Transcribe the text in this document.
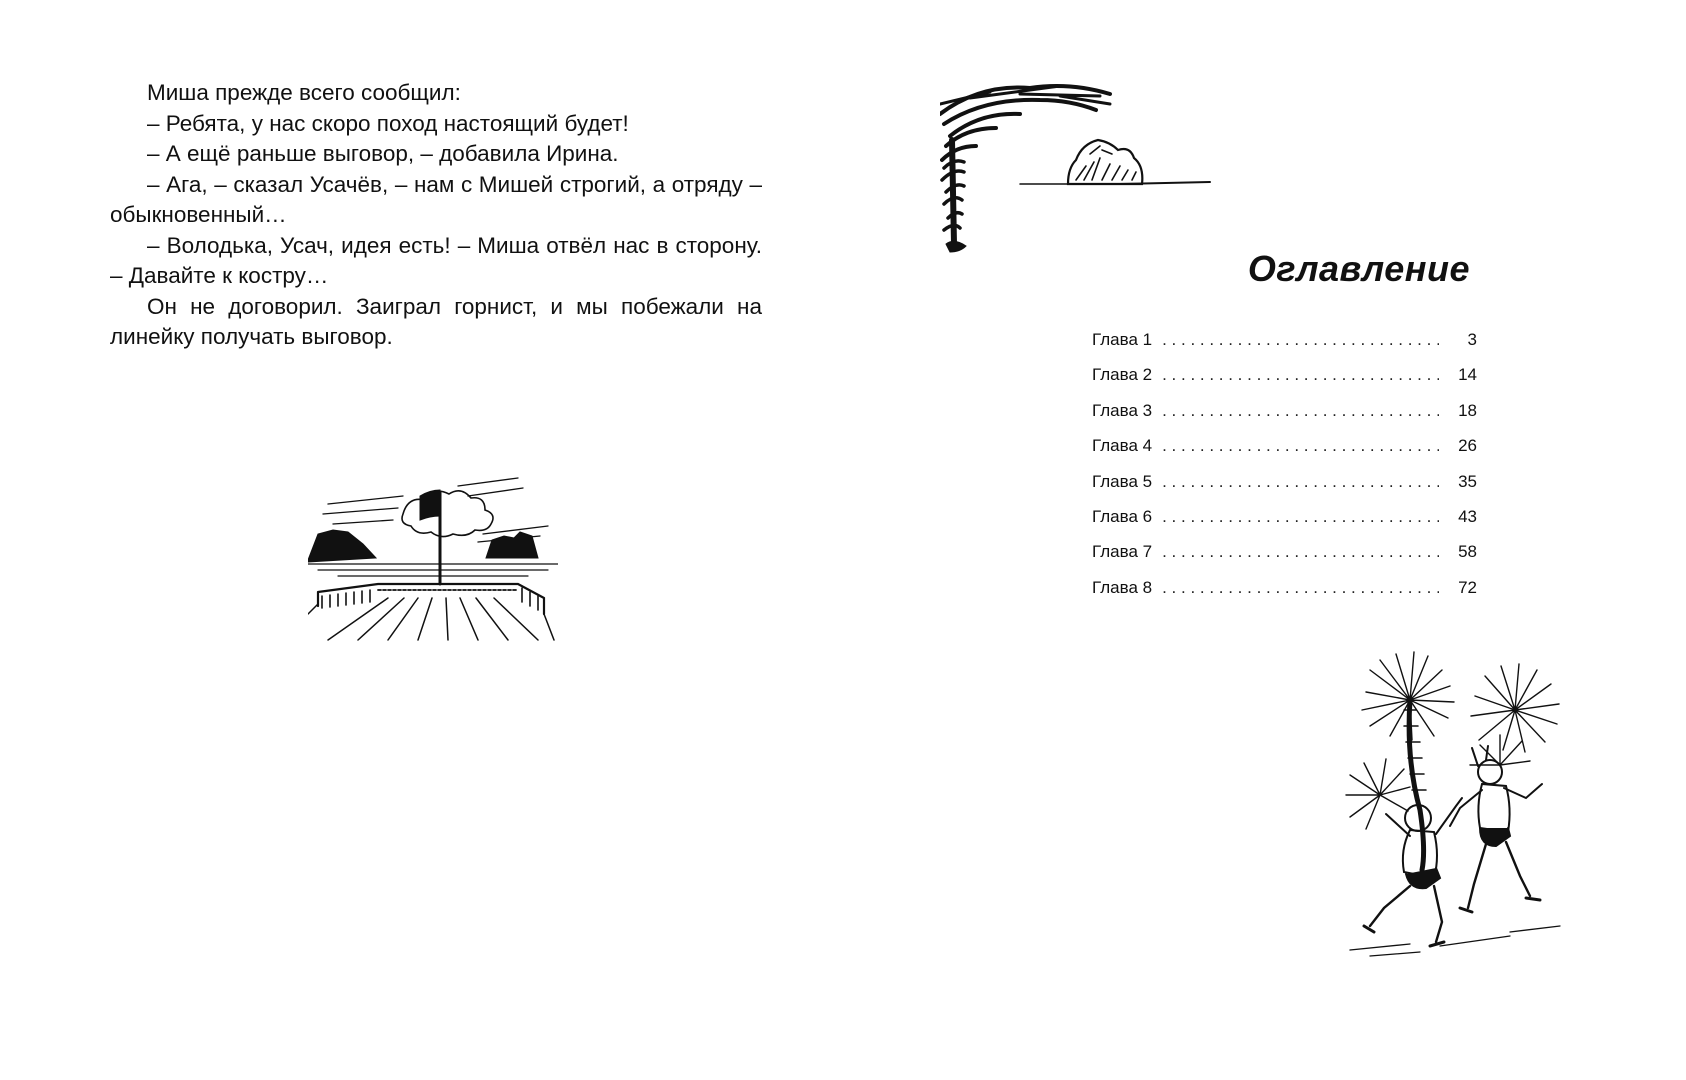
Миша прежде всего сообщил:

– Ребята, у нас скоро поход настоящий будет!

– А ещё раньше выговор, – добавила Ирина.

– Ага, – сказал Усачёв, – нам с Мишей строгий, а отряду – обыкновенный…

– Володька, Усач, идея есть! – Миша отвёл нас в сторону. – Давайте к костру…

Он не договорил. Заиграл горнист, и мы побежали на линейку получать выговор.

Оглавление
Глава 1 . . .	3
Глава 2 . . .	14
Глава 3 . . .	18
Глава 4 . . .	26
Глава 5 . . .	35
Глава 6 . . .	43
Глава 7 . . .	58
Глава 8 . . .	72
